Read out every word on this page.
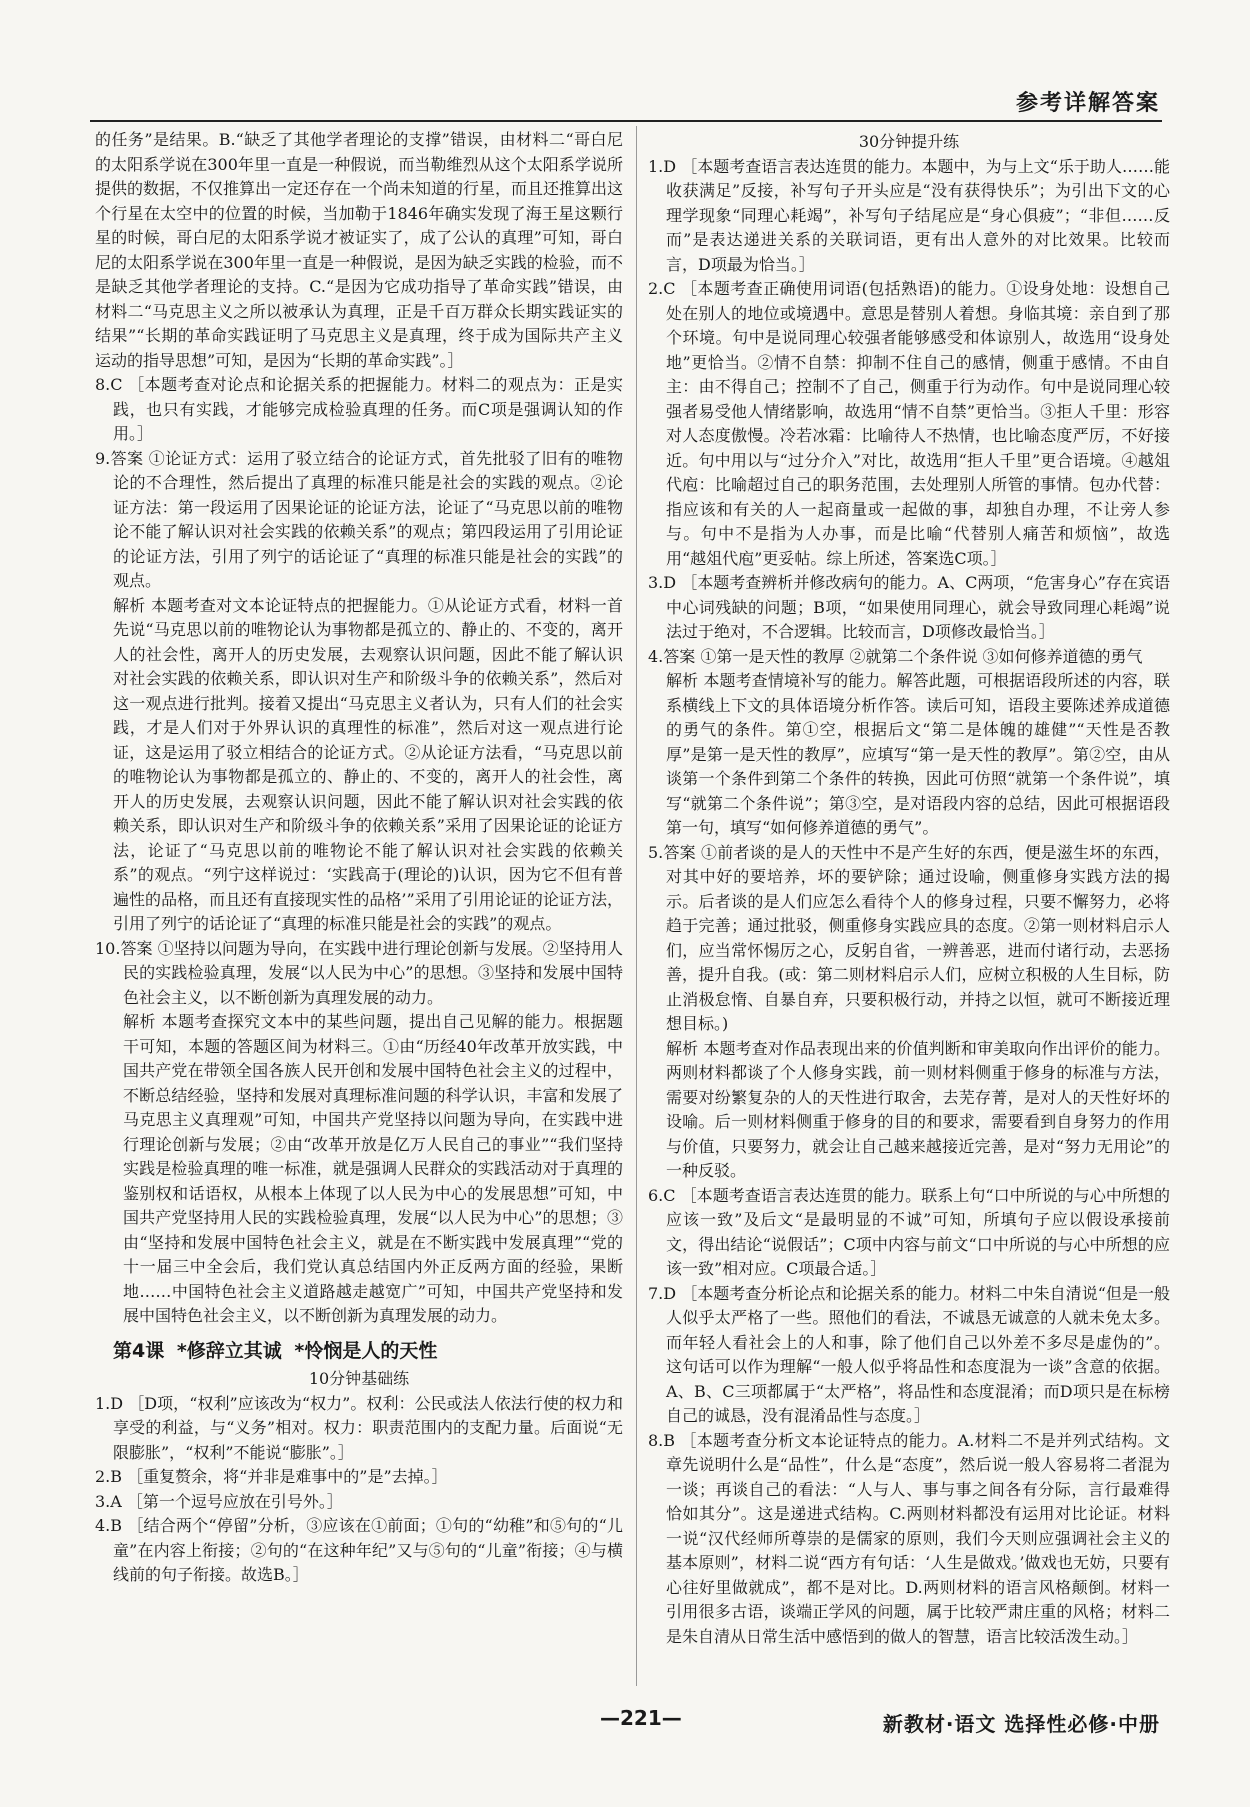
参考详解答案

的任务”是结果。B.“缺乏了其他学者理论的支撑”错误，由材料二“哥白尼的太阳系学说在300年里一直是一种假说，而当勒维烈从这个太阳系学说所提供的数据，不仅推算出一定还存在一个尚未知道的行星，而且还推算出这个行星在太空中的位置的时候，当加勒于1846年确实发现了海王星这颗行星的时候，哥白尼的太阳系学说才被证实了，成了公认的真理”可知，哥白尼的太阳系学说在300年里一直是一种假说，是因为缺乏实践的检验，而不是缺乏其他学者理论的支持。C.“是因为它成功指导了革命实践”错误，由材料二“马克思主义之所以被承认为真理，正是千百万群众长期实践证实的结果”“长期的革命实践证明了马克思主义是真理，终于成为国际共产主义运动的指导思想”可知，是因为“长期的革命实践”。］

8.C ［本题考查对论点和论据关系的把握能力。材料二的观点为：正是实践，也只有实践，才能够完成检验真理的任务。而C项是强调认知的作用。］

9.答案 ①论证方式：运用了驳立结合的论证方式，首先批驳了旧有的唯物论的不合理性，然后提出了真理的标准只能是社会的实践的观点。②论证方法：第一段运用了因果论证的论证方法，论证了“马克思以前的唯物论不能了解认识对社会实践的依赖关系”的观点；第四段运用了引用论证的论证方法，引用了列宁的话论证了“真理的标准只能是社会的实践”的观点。

解析 本题考查对文本论证特点的把握能力。①从论证方式看，材料一首先说“马克思以前的唯物论认为事物都是孤立的、静止的、不变的，离开人的社会性，离开人的历史发展，去观察认识问题，因此不能了解认识对社会实践的依赖关系，即认识对生产和阶级斗争的依赖关系”，然后对这一观点进行批判。接着又提出“马克思主义者认为，只有人们的社会实践，才是人们对于外界认识的真理性的标准”，然后对这一观点进行论证，这是运用了驳立相结合的论证方式。②从论证方法看，“马克思以前的唯物论认为事物都是孤立的、静止的、不变的，离开人的社会性，离开人的历史发展，去观察认识问题，因此不能了解认识对社会实践的依赖关系，即认识对生产和阶级斗争的依赖关系”采用了因果论证的论证方法，论证了“马克思以前的唯物论不能了解认识对社会实践的依赖关系”的观点。“列宁这样说过：‘实践高于(理论的)认识，因为它不但有普遍性的品格，而且还有直接现实性的品格’”采用了引用论证的论证方法，引用了列宁的话论证了“真理的标准只能是社会的实践”的观点。

10.答案 ①坚持以问题为导向，在实践中进行理论创新与发展。②坚持用人民的实践检验真理，发展“以人民为中心”的思想。③坚持和发展中国特色社会主义，以不断创新为真理发展的动力。

解析 本题考查探究文本中的某些问题，提出自己见解的能力。根据题干可知，本题的答题区间为材料三。①由“历经40年改革开放实践，中国共产党在带领全国各族人民开创和发展中国特色社会主义的过程中，不断总结经验，坚持和发展对真理标准问题的科学认识，丰富和发展了马克思主义真理观”可知，中国共产党坚持以问题为导向，在实践中进行理论创新与发展；②由“改革开放是亿万人民自己的事业”“我们坚持实践是检验真理的唯一标准，就是强调人民群众的实践活动对于真理的鉴别权和话语权，从根本上体现了以人民为中心的发展思想”可知，中国共产党坚持用人民的实践检验真理，发展“以人民为中心”的思想；③由“坚持和发展中国特色社会主义，就是在不断实践中发展真理”“党的十一届三中全会后，我们党认真总结国内外正反两方面的经验，果断地……中国特色社会主义道路越走越宽广”可知，中国共产党坚持和发展中国特色社会主义，以不断创新为真理发展的动力。

第4课 *修辞立其诚 *怜悯是人的天性
10分钟基础练

1.D ［D项，“权利”应该改为“权力”。权利：公民或法人依法行使的权力和享受的利益，与“义务”相对。权力：职责范围内的支配力量。后面说“无限膨胀”，“权利”不能说“膨胀”。］

2.B ［重复赘余，将“并非是难事中的”是”去掉。］

3.A ［第一个逗号应放在引号外。］

4.B ［结合两个“停留”分析，③应该在①前面；①句的“幼稚”和⑤句的“儿童”在内容上衔接；②句的“在这种年纪”又与⑤句的“儿童”衔接；④与横线前的句子衔接。故选B。］

30分钟提升练

1.D ［本题考查语言表达连贯的能力。本题中，为与上文“乐于助人……能收获满足”反接，补写句子开头应是“没有获得快乐”；为引出下文的心理学现象“同理心耗竭”，补写句子结尾应是“身心俱疲”；“非但……反而”是表达递进关系的关联词语，更有出人意外的对比效果。比较而言，D项最为恰当。］

2.C ［本题考查正确使用词语(包括熟语)的能力。①设身处地：设想自己处在别人的地位或境遇中。意思是替别人着想。身临其境：亲自到了那个环境。句中是说同理心较强者能够感受和体谅别人，故选用“设身处地”更恰当。②情不自禁：抑制不住自己的感情，侧重于感情。不由自主：由不得自己；控制不了自己，侧重于行为动作。句中是说同理心较强者易受他人情绪影响，故选用“情不自禁”更恰当。③拒人千里：形容对人态度傲慢。冷若冰霜：比喻待人不热情，也比喻态度严厉，不好接近。句中用以与“过分介入”对比，故选用“拒人千里”更合语境。④越俎代庖：比喻超过自己的职务范围，去处理别人所管的事情。包办代替：指应该和有关的人一起商量或一起做的事，却独自办理，不让旁人参与。句中不是指为人办事，而是比喻“代替别人痛苦和烦恼”，故选用“越俎代庖”更妥帖。综上所述，答案选C项。］

3.D ［本题考查辨析并修改病句的能力。A、C两项，“危害身心”存在宾语中心词残缺的问题；B项，“如果使用同理心，就会导致同理心耗竭”说法过于绝对，不合逻辑。比较而言，D项修改最恰当。］

4.答案 ①第一是天性的教厚 ②就第二个条件说 ③如何修养道德的勇气

解析 本题考查情境补写的能力。解答此题，可根据语段所述的内容，联系横线上下文的具体语境分析作答。读后可知，语段主要陈述养成道德的勇气的条件。第①空，根据后文“第二是体魄的雄健”“天性是否教厚”是第一是天性的教厚”，应填写“第一是天性的教厚”。第②空，由从谈第一个条件到第二个条件的转换，因此可仿照“就第一个条件说”，填写“就第二个条件说”；第③空，是对语段内容的总结，因此可根据语段第一句，填写“如何修养道德的勇气”。

5.答案 ①前者谈的是人的天性中不是产生好的东西，便是滋生坏的东西，对其中好的要培养，坏的要铲除；通过设喻，侧重修身实践方法的揭示。后者谈的是人们应怎么看待个人的修身过程，只要不懈努力，必将趋于完善；通过批驳，侧重修身实践应具的态度。②第一则材料启示人们，应当常怀惕厉之心，反躬自省，一辨善恶，进而付诸行动，去恶扬善，提升自我。(或：第二则材料启示人们，应树立积极的人生目标，防止消极怠惰、自暴自弃，只要积极行动，并持之以恒，就可不断接近理想目标。)

解析 本题考查对作品表现出来的价值判断和审美取向作出评价的能力。两则材料都谈了个人修身实践，前一则材料侧重于修身的标准与方法，需要对纷繁复杂的人的天性进行取舍，去芜存菁，是对人的天性好坏的设喻。后一则材料侧重于修身的目的和要求，需要看到自身努力的作用与价值，只要努力，就会让自己越来越接近完善，是对“努力无用论”的一种反驳。

6.C ［本题考查语言表达连贯的能力。联系上句“口中所说的与心中所想的应该一致”及后文“是最明显的不诚”可知，所填句子应以假设承接前文，得出结论“说假话”；C项中内容与前文“口中所说的与心中所想的应该一致”相对应。C项最合适。］

7.D ［本题考查分析论点和论据关系的能力。材料二中朱自清说“但是一般人似乎太严格了一些。照他们的看法，不诚恳无诚意的人就未免太多。而年轻人看社会上的人和事，除了他们自己以外差不多尽是虚伪的”。这句话可以作为理解“一般人似乎将品性和态度混为一谈”含意的依据。A、B、C三项都属于“太严格”，将品性和态度混淆；而D项只是在标榜自己的诚恳，没有混淆品性与态度。］

8.B ［本题考查分析文本论证特点的能力。A.材料二不是并列式结构。文章先说明什么是“品性”，什么是“态度”，然后说一般人容易将二者混为一谈；再谈自己的看法：“人与人、事与事之间各有分际，言行最难得恰如其分”。这是递进式结构。C.两则材料都没有运用对比论证。材料一说“汉代经师所尊崇的是儒家的原则，我们今天则应强调社会主义的基本原则”，材料二说“西方有句话：‘人生是做戏。’做戏也无妨，只要有心往好里做就成”，都不是对比。D.两则材料的语言风格颠倒。材料一引用很多古语，谈端正学风的问题，属于比较严肃庄重的风格；材料二是朱自清从日常生活中感悟到的做人的智慧，语言比较活泼生动。］

—221—	新教材·语文 选择性必修·中册
